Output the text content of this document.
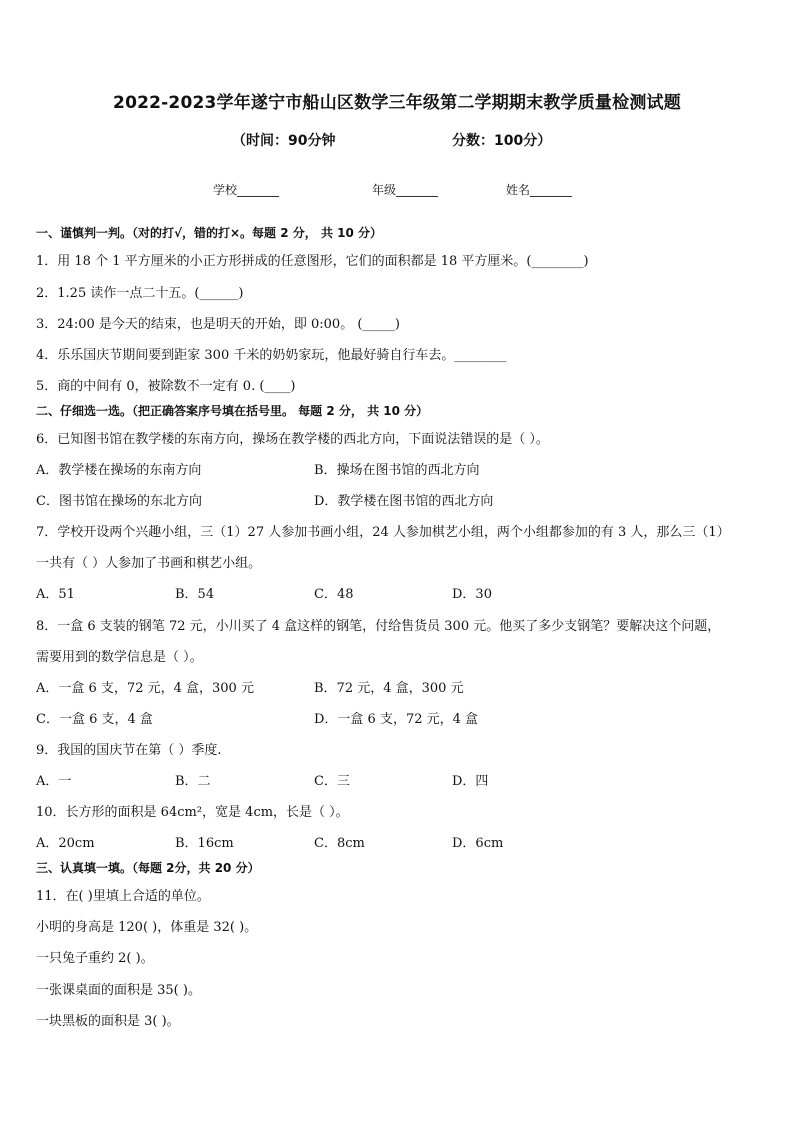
2022-2023学年遂宁市船山区数学三年级第二学期期末教学质量检测试题
（时间：90分钟	分数：100分）
学校_______	年级_______	姓名_______
一、谨慎判一判。（对的打√，错的打×。每题 2 分， 共 10 分）
1．用 18 个 1 平方厘米的小正方形拼成的任意图形，它们的面积都是 18 平方厘米。(________)
2．1.25 读作一点二十五。(______)
3．24:00 是今天的结束，也是明天的开始，即 0:00。 (_____)
4．乐乐国庆节期间要到距家 300 千米的奶奶家玩，他最好骑自行车去。________
5．商的中间有 0，被除数不一定有 0. (____)
二、仔细选一选。（把正确答案序号填在括号里。 每题 2 分， 共 10 分）
6．已知图书馆在教学楼的东南方向，操场在教学楼的西北方向，下面说法错误的是（ ）。
A．教学楼在操场的东南方向	B．操场在图书馆的西北方向
C．图书馆在操场的东北方向	D．教学楼在图书馆的西北方向
7．学校开设两个兴趣小组，三（1）27 人参加书画小组，24 人参加棋艺小组，两个小组都参加的有 3 人，那么三（1）
一共有（ ）人参加了书画和棋艺小组。
A．51	B．54	C．48	D．30
8．一盒 6 支装的钢笔 72 元，小川买了 4 盒这样的钢笔，付给售货员 300 元。他买了多少支钢笔？要解决这个问题，
需要用到的数学信息是（ ）。
A．一盒 6 支，72 元，4 盒，300 元	B．72 元，4 盒，300 元
C．一盒 6 支，4 盒	D．一盒 6 支，72 元，4 盒
9．我国的国庆节在第（ ）季度.
A．一	B．二	C．三	D．四
10．长方形的面积是 64cm²，宽是 4cm，长是（ ）。
A．20cm	B．16cm	C．8cm	D．6cm
三、认真填一填。（每题 2分，共 20 分）
11．在( )里填上合适的单位。
小明的身高是 120( )，体重是 32( )。
一只兔子重约 2( )。
一张课桌面的面积是 35( )。
一块黑板的面积是 3( )。
